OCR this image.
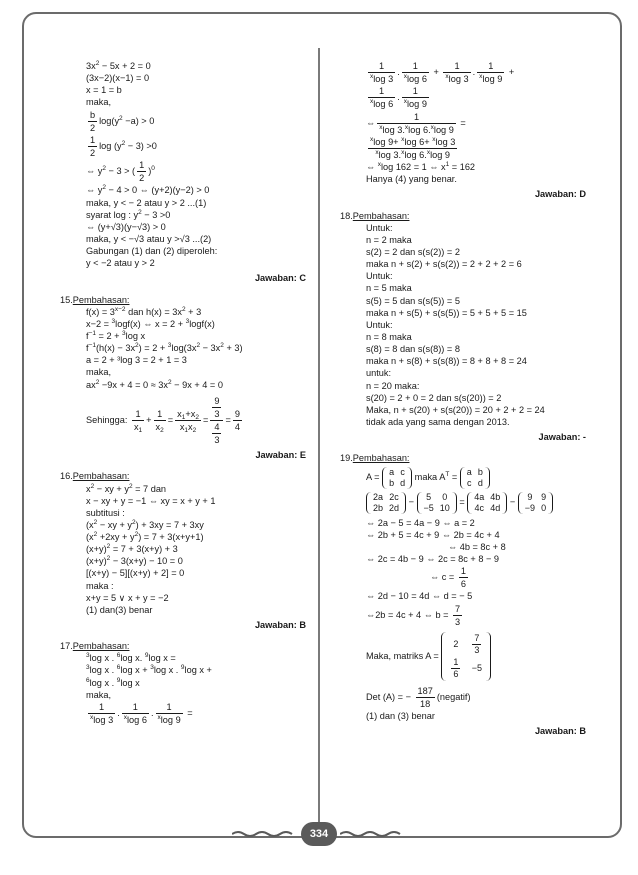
$3x^2 - 5x + 2 = 0$
(3x−2)(x−1) = 0
x = 1 = b
maka,
$\frac{b}{2} \log(y^2 -a) > 0$
$\frac{1}{2}$ $\log (y^2 - 3) >0$
⇔ $y^2 - 3$ > ( $\frac{1}{2} )^0$
⇔ $y^2 - 4 > 0$ ⇔ (y+2)(y−2) > 0
maka, y < − 2 atau y > 2 ...(1)
syarat log : $y^2 - 3 >0$
⇔ (y+√3)(y−√3) > 0
maka, y < −√3 atau y >√3 ...(2)
Gabungan (1) dan (2) diperoleh:
y < −2 atau y > 2
Jawaban: C
15.Pembahasan:
$f(x) = 3^{x-2}$ dan $h(x) = 3x^2 + 3$
x−2 = $^3$logf(x) ⇔ x = 2 + $^3$logf(x)
$f^{-1} = 2 + ^3\log$ x
$f^{-1}(h(x) - 3x^2) = 2 + ^3\log(3x^2 - 3x^2 + 3)$
a = 2 + ³log 3 = 2 + 1 = 3
maka,
$ax^2 -9x + 4 = 0 \approx 3x^2 - 9x + 4 = 0$
Sehingga: $\frac{1}{x_1} + \frac{1}{x_2} = \frac{x_1+x_2}{x_1x_2} = \frac{\frac{9}{3}}{\frac{4}{3}} = \frac{9}{4}$
Jawaban: E
16.Pembahasan:
$x^2$ − xy + $y^2 = 7$ dan
x − xy + y = −1 ⇔ xy = x + y + 1
subtitusi :
($x^2$ − xy + $y^2) + 3xy = 7 + 3xy$
$(x^2 +2xy + y^2) = 7 + 3(x+y+1)$
$(x+y)^2 = 7 + 3(x+y) + 3$
$(x+y)^2 - 3(x+y) - 10 = 0$
[(x+y) − 5][(x+y) + 2] = 0
maka :
x+y = 5 ∨ x + y = −2
(1) dan(3) benar
Jawaban: B
17.Pembahasan:
$^3$log x . $^6$log x. $^9$log x =
$^3$log x . $^6$log x + $^3$log x . $^9$log x +
$^6$log x . $^9$log x
maka,
$\frac{1}{^x\log 3}$ . $\frac{1}{^x\log 6}$ . $\frac{1}{^x\log 9}$ =
$\frac{1}{^x\log 3}$ . $\frac{1}{^x\log 6} + \frac{1}{^x\log 3}$ . $\frac{1}{^x\log 9}$ +
$\frac{1}{^x\log 6}$ . $\frac{1}{^x\log 9}$
⇔ $\frac{1}{^x\log 3.^x\log 6.^x\log 9}$ =
$\frac{^x\log 9+ ^x\log 6+ ^x\log 3}{^x\log 3.^x\log 6.^x\log 9}$
⇔ $^x$log 162 = 1 ⇔ $x^1 = 162$
Hanya (4) yang benar.
Jawaban: D
18.Pembahasan:
Untuk:
n = 2 maka
s(2) = 2 dan s(s(2)) = 2
maka n + s(2) + s(s(2)) = 2 + 2 + 2 = 6
Untuk:
n = 5 maka
s(5) = 5 dan s(s(5)) = 5
maka n + s(5) + s(s(5)) = 5 + 5 + 5 = 15
Untuk:
n = 8 maka
s(8) = 8 dan s(s(8)) = 8
maka n + s(8) + s(s(8)) = 8 + 8 + 8 = 24
untuk:
n = 20 maka:
s(20) = 2 + 0 = 2 dan s(s(20)) = 2
Maka, n + s(20) + s(s(20)) = 20 + 2 + 2 = 24
tidak ada yang sama dengan 2013.
Jawaban: -
19.Pembahasan:
A =
a	c
b	d
maka $A^T$ =
a	b
c	d
2a	2c
2b	2d
−
5	0
−5	10
=
4a	4b
4c	4d
−
9	9
−9	0
⇔ 2a − 5 = 4a − 9 ⇔ a = 2
⇔ 2b + 5 = 4c + 9 ⇔ 2b = 4c + 4
⇔ 4b = 8c + 8
⇔ 2c = 4b − 9 ⇔ 2c = 8c + 8 − 9
⇔ $c = \frac{1}{6}$
⇔ 2d − 10 = 4d ⇔ d = − 5
⇔2b = 4c + 4 ⇔ $b = \frac{7}{3}$
Maka, matriks A =
2	$\frac{7}{3}$

$\frac{1}{6}$	−5
Det (A) = − $\frac{187}{18}$ (negatif)
(1) dan (3) benar
Jawaban: B
334
